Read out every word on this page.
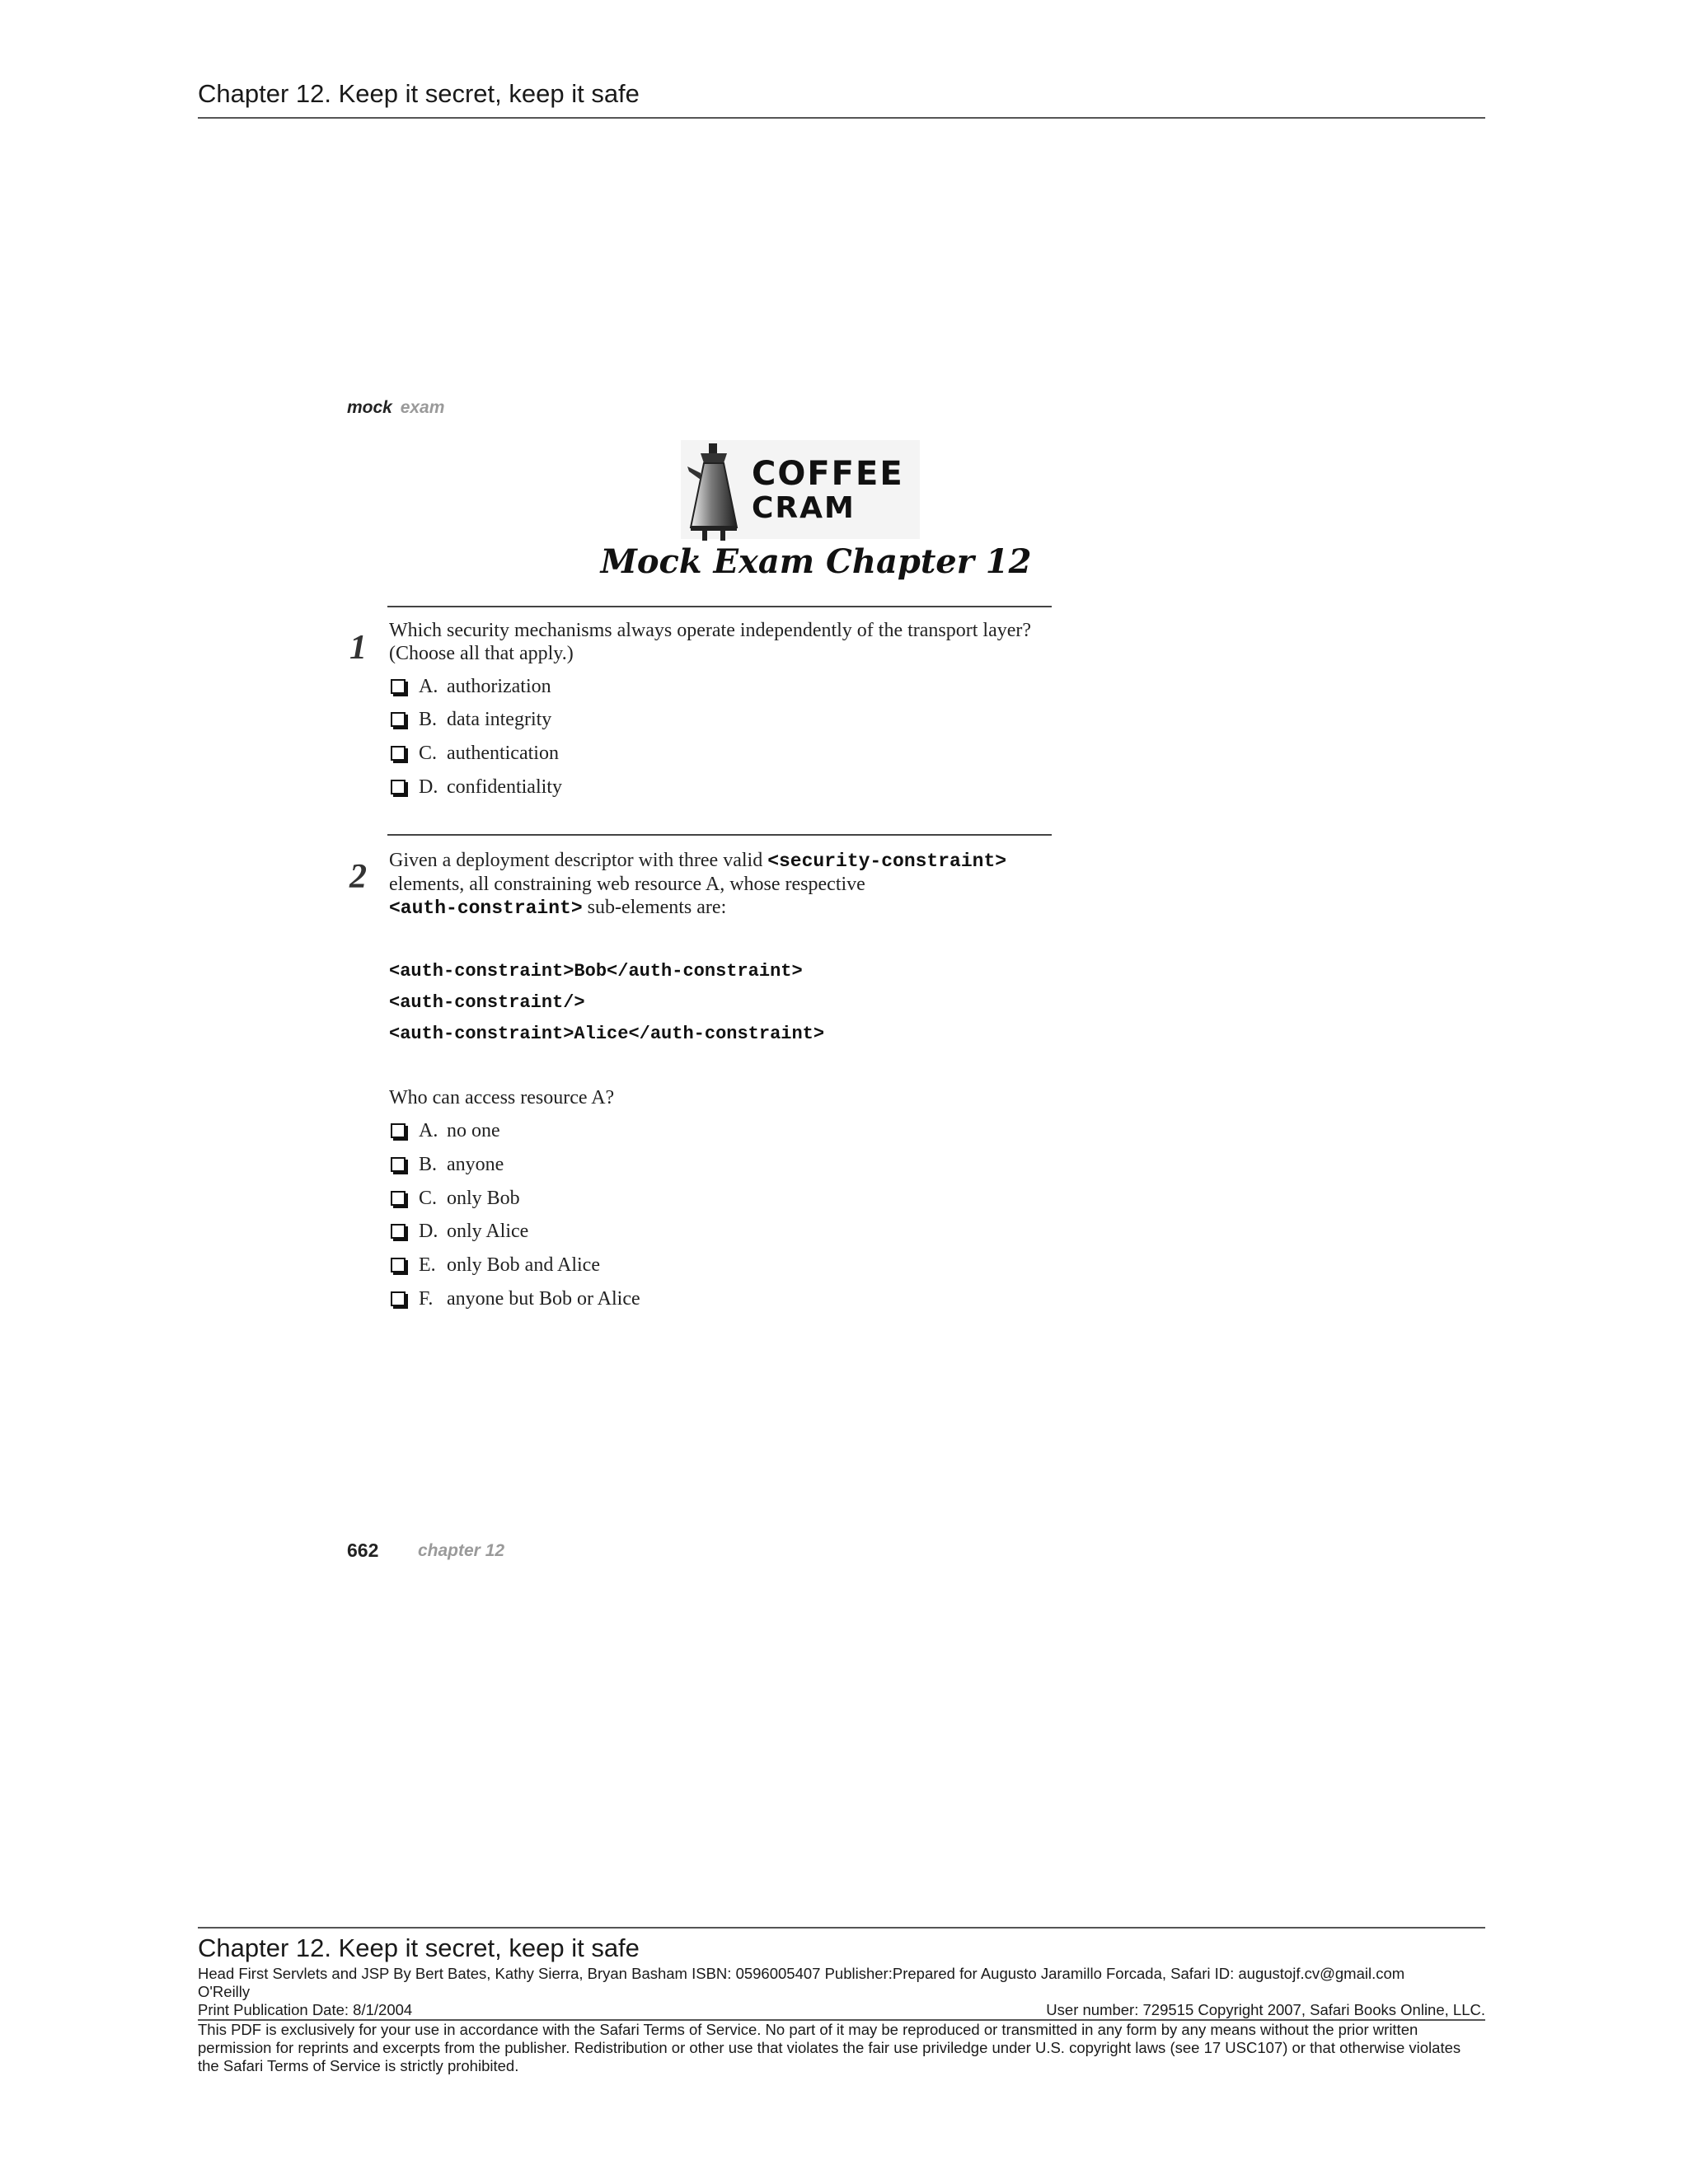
Chapter 12. Keep it secret, keep it safe
mock exam
COFFEE
CRAM
Mock Exam Chapter 12
1 Which security mechanisms always operate independently of the transport layer? (Choose all that apply.)
A. authorization
B. data integrity
C. authentication
D. confidentiality
2 Given a deployment descriptor with three valid <security-constraint>
elements, all constraining web resource A, whose respective
<auth-constraint> sub-elements are:
<auth-constraint>Bob</auth-constraint>
<auth-constraint/>
<auth-constraint>Alice</auth-constraint>
Who can access resource A?
A. no one
B. anyone
C. only Bob
D. only Alice
E. only Bob and Alice
F. anyone but Bob or Alice
662 chapter 12
Chapter 12. Keep it secret, keep it safe
Head First Servlets and JSP By Bert Bates, Kathy Sierra, Bryan Basham ISBN: 0596005407 Publisher:Prepared for Augusto Jaramillo Forcada, Safari ID: augustojf.cv@gmail.com
O'Reilly
Print Publication Date: 8/1/2004	User number: 729515 Copyright 2007, Safari Books Online, LLC.
This PDF is exclusively for your use in accordance with the Safari Terms of Service. No part of it may be reproduced or transmitted in any form by any means without the prior written permission for reprints and excerpts from the publisher. Redistribution or other use that violates the fair use priviledge under U.S. copyright laws (see 17 USC107) or that otherwise violates the Safari Terms of Service is strictly prohibited.
